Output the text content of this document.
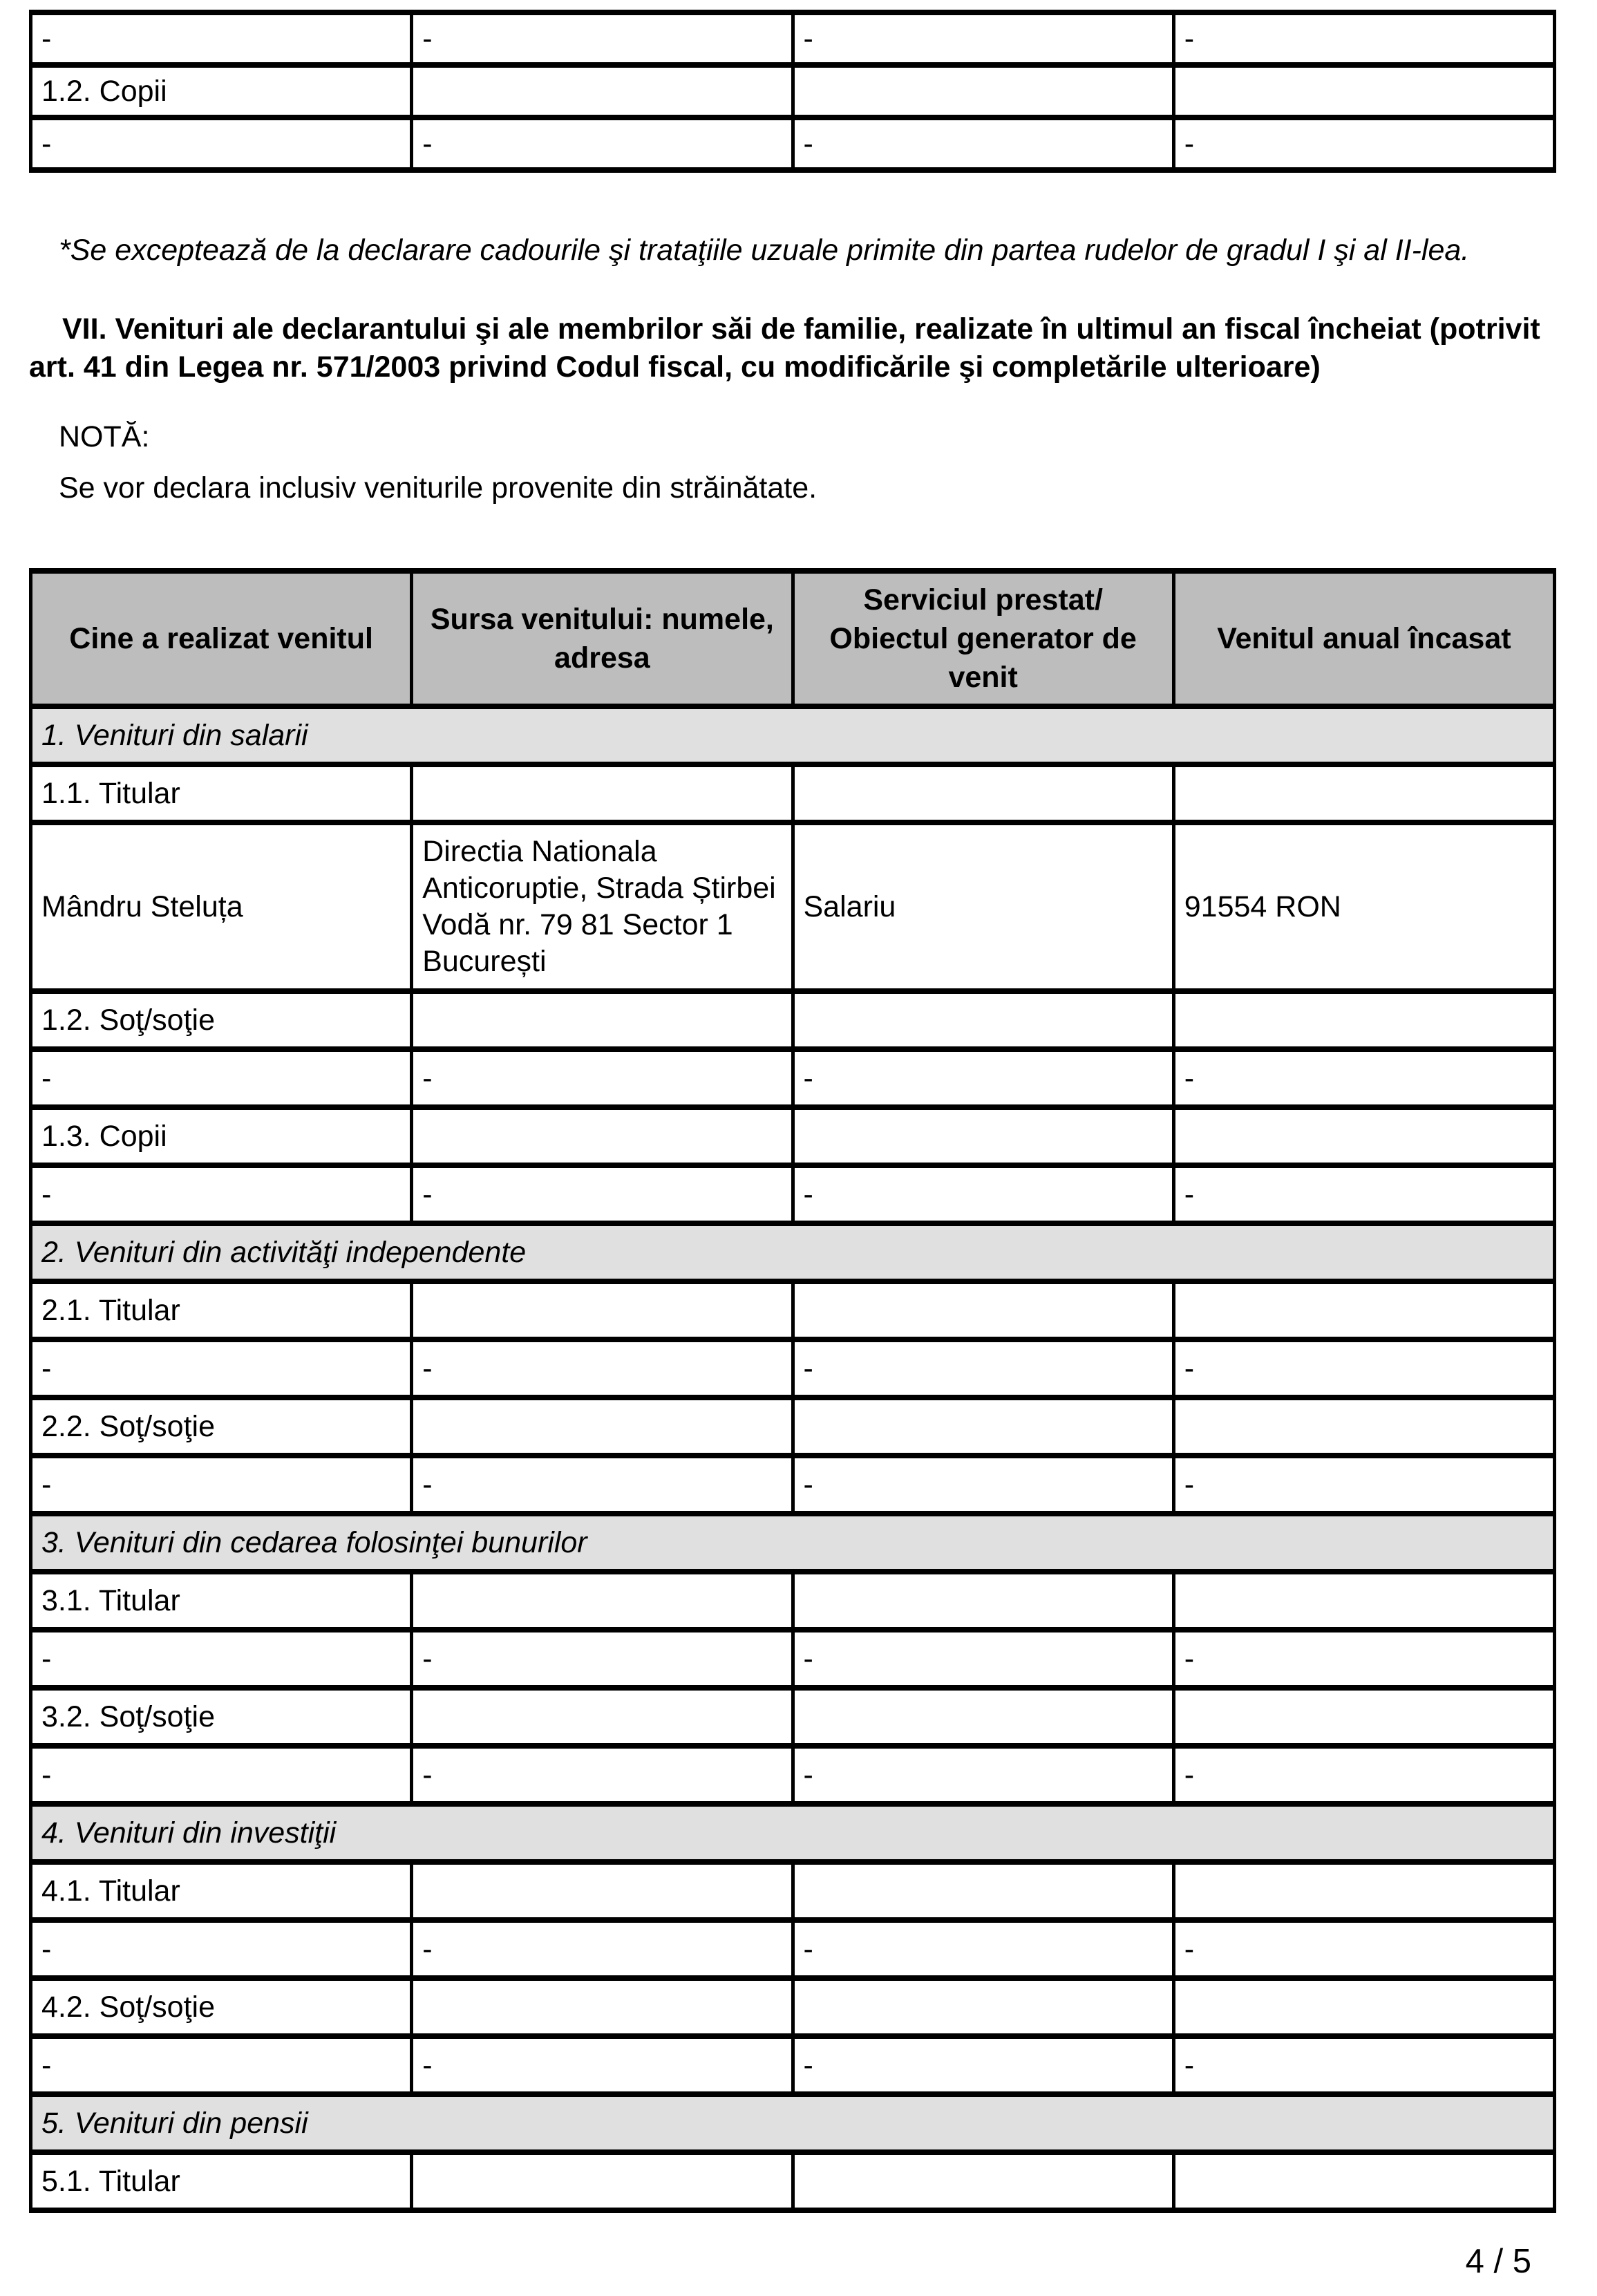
-	-	-	-
1.2. Copii			
-	-	-	-

*Se exceptează de la declarare cadourile şi trataţiile uzuale primite din partea rudelor de gradul I şi al II-lea.

VII. Venituri ale declarantului şi ale membrilor săi de familie, realizate în ultimul an fiscal încheiat (potrivit art. 41 din Legea nr. 571/2003 privind Codul fiscal, cu modificările şi completările ulterioare)

NOTĂ:
Se vor declara inclusiv veniturile provenite din străinătate.
Cine a realizat venitul	Sursa venitului: numele, adresa	Serviciul prestat/ Obiectul generator de venit	Venitul anual încasat
1. Venituri din salarii			
1.1. Titular			
Mândru Steluța	Directia Nationala Anticoruptie, Strada Știrbei Vodă nr. 79 81 Sector 1 București	Salariu	91554 RON
1.2. Soţ/soţie			
-	-	-	-
1.3. Copii			
-	-	-	-
2. Venituri din activităţi independente			
2.1. Titular			
-	-	-	-
2.2. Soţ/soţie			
-	-	-	-
3. Venituri din cedarea folosinţei bunurilor			
3.1. Titular			
-	-	-	-
3.2. Soţ/soţie			
-	-	-	-
4. Venituri din investiţii			
4.1. Titular			
-	-	-	-
4.2. Soţ/soţie			
-	-	-	-
5. Venituri din pensii			
5.1. Titular			
4 / 5
